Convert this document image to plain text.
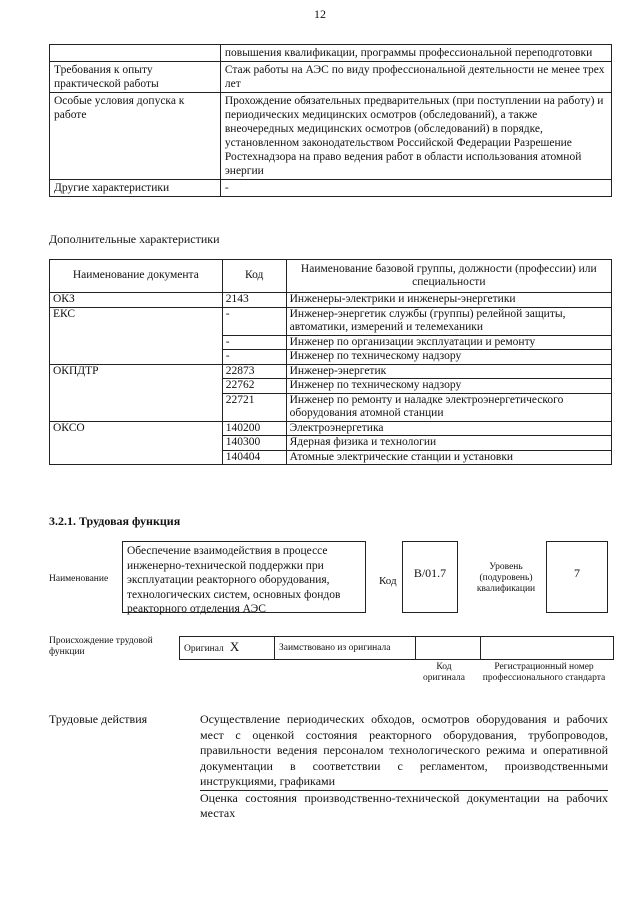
12
	повышения квалификации, программы профессиональной переподготовки
Требования к опыту практической работы	Стаж работы на АЭС по виду профессиональной деятельности не менее трех лет
Особые условия допуска к работе	Прохождение обязательных предварительных (при поступлении на работу) и периодических медицинских осмотров (обследований), а также внеочередных медицинских осмотров (обследований) в порядке, установленном законодательством Российской Федерации Разрешение Ростехнадзора на право ведения работ в области использования атомной энергии
Другие характеристики	-
Дополнительные характеристики
Наименование документа	Код	Наименование базовой группы, должности (профессии) или специальности
ОКЗ	2143	Инженеры-электрики и инженеры-энергетики
ЕКС	-	Инженер-энергетик службы (группы) релейной защиты, автоматики, измерений и телемеханики
	-	Инженер по организации эксплуатации и ремонту
	-	Инженер по техническому надзору
ОКПДТР	22873	Инженер-энергетик
	22762	Инженер по техническому надзору
	22721	Инженер по ремонту и наладке электроэнергетического оборудования атомной станции
ОКСО	140200	Электроэнергетика
	140300	Ядерная физика и технологии
	140404	Атомные электрические станции и установки
3.2.1. Трудовая функция
Наименование
Обеспечение взаимодействия в процессе инженерно-технической поддержки при эксплуатации реакторного оборудования, технологических систем, основных фондов реакторного отделения АЭС
Код
В/01.7	Уровень (подуровень) квалификации
7
Происхождение трудовой функции	Оригинал X	Заимствовано из оригинала		
Код оригинала
Регистрационный номер профессионального стандарта
Трудовые действия	Осуществление периодических обходов, осмотров оборудования и рабочих мест с оценкой состояния реакторного оборудования, трубопроводов, правильности ведения персоналом технологического режима и оперативной документации в соответствии с регламентом, производственными инструкциями, графиками

Оценка состояния производственно-технической документации на рабочих местах
